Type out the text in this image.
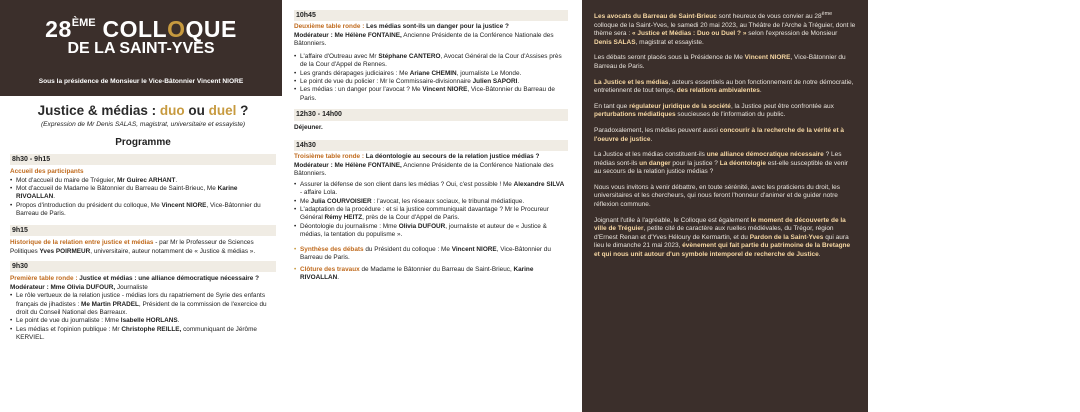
28ÈME COLLOQUE
DE LA SAINT-YVES
Sous la présidence de Monsieur le Vice-Bâtonnier Vincent NIORE
Justice & médias : duo ou duel ?
(Expression de Mr Denis SALAS, magistrat, universitaire et essayiste)
Programme
8h30 - 9h15
Accueil des participants
• Mot d'accueil du maire de Tréguier, Mr Guirec ARHANT.
• Mot d'accueil de Madame le Bâtonnier du Barreau de Saint-Brieuc, Me Karine RIVOALLAN.
• Propos d'introduction du président du colloque, Me Vincent NIORE, Vice-Bâtonnier du Barreau de Paris.
9h15
Historique de la relation entre justice et médias - par Mr le Professeur de Sciences Politiques Yves POIRMEUR, universitaire, auteur notamment de « Justice & médias ».
9h30
Première table ronde : Justice et médias : une alliance démocratique nécessaire ?
Modérateur : Mme Olivia DUFOUR, Journaliste
• Le rôle vertueux de la relation justice - médias lors du rapatriement de Syrie des enfants français de jihadistes : Me Martin PRADEL, Président de la commission de l'exercice du droit du Conseil National des Barreaux.
• Le point de vue du journaliste : Mme Isabelle HORLANS.
• Les médias et l'opinion publique : Mr Christophe REILLE, communiquant de Jérôme KERVIEL.
10h45
Deuxième table ronde : Les médias sont-ils un danger pour la justice ?
Modérateur : Me Hélène FONTAINE, Ancienne Présidente de la Conférence Nationale des Bâtonniers.
• L'affaire d'Outreau avec Mr Stéphane CANTERO, Avocat Général de la Cour d'Assises près de la Cour d'Appel de Rennes.
• Les grands dérapages judiciaires : Me Ariane CHEMIN, journaliste Le Monde.
• Le point de vue du policier : Mr le Commissaire-divisionnaire Julien SAPORI.
• Les médias : un danger pour l'avocat ? Me Vincent NIORE, Vice-Bâtonnier du Barreau de Paris.
12h30 - 14h00
Déjeuner.
14h30
Troisième table ronde : La déontologie au secours de la relation justice médias ?
Modérateur : Me Hélène FONTAINE, Ancienne Présidente de la Conférence Nationale des Bâtonniers.
• Assurer la défense de son client dans les médias ? Oui, c'est possible ! Me Alexandre SILVA - affaire Lola.
• Me Julia COURVOISIER : l'avocat, les réseaux sociaux, le tribunal médiatique.
• L'adaptation de la procédure : et si la justice communiquait davantage ? Mr le Procureur Général Rémy HEITZ, près de la Cour d'Appel de Paris.
• Déontologie du journalisme : Mme Olivia DUFOUR, journaliste et auteur de « Justice & médias, la tentation du populisme ».
• Synthèse des débats du Président du colloque : Me Vincent NIORE, Vice-Bâtonnier du Barreau de Paris.
• Clôture des travaux de Madame le Bâtonnier du Barreau de Saint-Brieuc, Karine RIVOALLAN.

Les avocats du Barreau de Saint-Brieuc sont heureux de vous convier au 28ème colloque de la Saint-Yves, le samedi 20 mai 2023, au Théâtre de l'Arche à Tréguier, dont le thème sera : « Justice et Médias : Duo ou Duel ? » selon l'expression de Monsieur Denis SALAS, magistrat et essayiste.

Les débats seront placés sous la Présidence de Me Vincent NIORE, Vice-Bâtonnier du Barreau de Paris.

La Justice et les médias, acteurs essentiels au bon fonctionnement de notre démocratie, entretiennent de tout temps, des relations ambivalentes.

En tant que régulateur juridique de la société, la Justice peut être confrontée aux perturbations médiatiques soucieuses de l'information du public.

Paradoxalement, les médias peuvent aussi concourir à la recherche de la vérité et à l'oeuvre de justice.

La Justice et les médias constituent-ils une alliance démocratique nécessaire ? Les médias sont-ils un danger pour la justice ? La déontologie est-elle susceptible de venir au secours de la relation justice médias ?

Nous vous invitons à venir débattre, en toute sérénité, avec les praticiens du droit, les universitaires et les chercheurs, qui nous feront l'honneur d'animer et de guider notre réflexion commune.

Joignant l'utile à l'agréable, le Colloque est également le moment de découverte de la ville de Tréguier, petite cité de caractère aux ruelles médiévales, du Trégor, région d'Ernest Renan et d'Yves Héloury de Kermartin, et du Pardon de la Saint-Yves qui aura lieu le dimanche 21 mai 2023, évènement qui fait partie du patrimoine de la Bretagne et qui nous unit autour d'un symbole intemporel de recherche de Justice.
